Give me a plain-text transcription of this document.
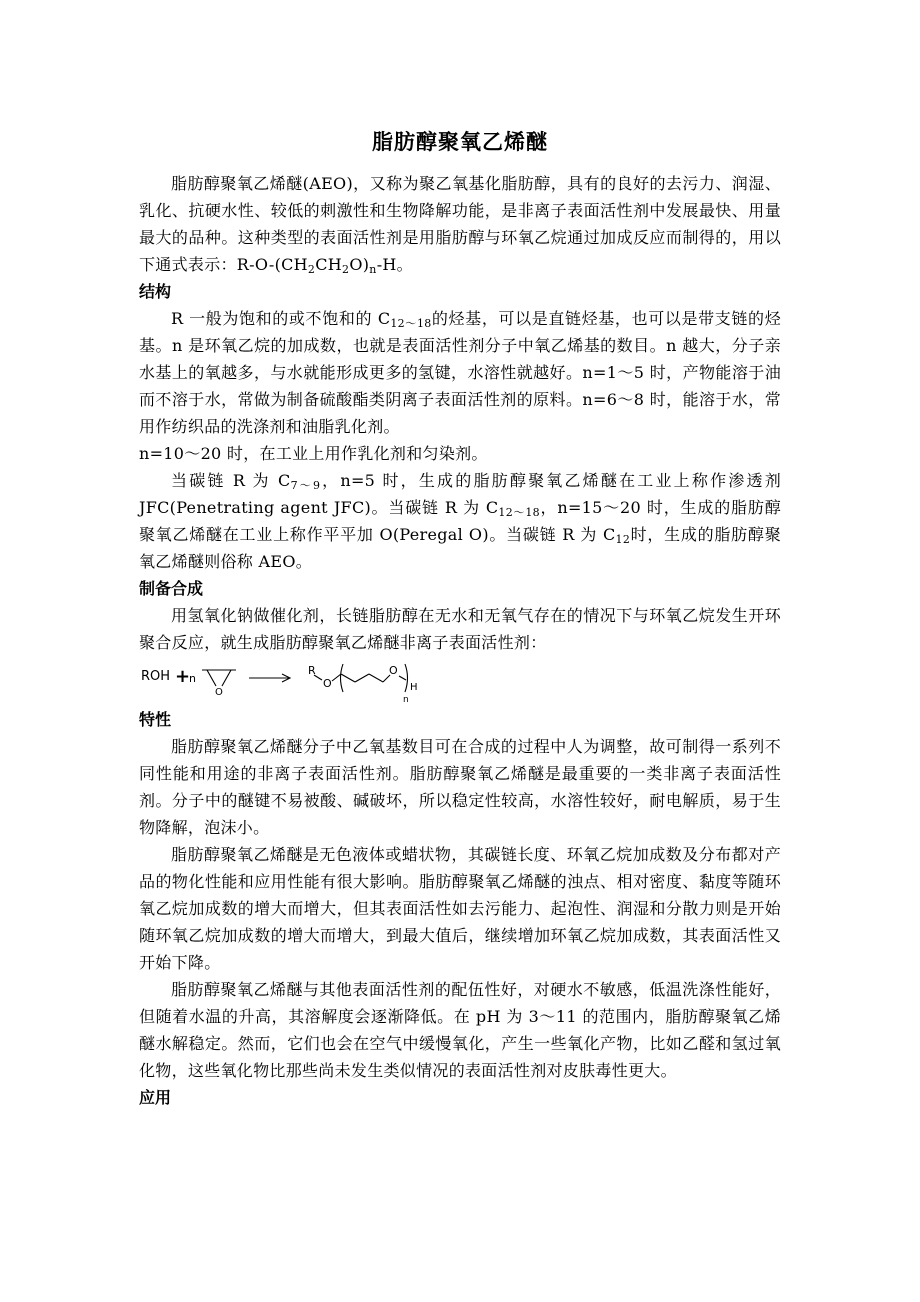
脂肪醇聚氧乙烯醚

脂肪醇聚氧乙烯醚(AEO)，又称为聚乙氧基化脂肪醇，具有的良好的去污力、润湿、乳化、抗硬水性、较低的刺激性和生物降解功能，是非离子表面活性剂中发展最快、用量最大的品种。这种类型的表面活性剂是用脂肪醇与环氧乙烷通过加成反应而制得的，用以下通式表示：$R-O-(CH_2CH_2O)_n-H$。

结构

R 一般为饱和的或不饱和的 $C_{12\sim 18}$的烃基，可以是直链烃基，也可以是带支链的烃基。n 是环氧乙烷的加成数，也就是表面活性剂分子中氧乙烯基的数目。n 越大，分子亲水基上的氧越多，与水就能形成更多的氢键，水溶性就越好。n=1～5 时，产物能溶于油而不溶于水，常做为制备硫酸酯类阴离子表面活性剂的原料。n=6～8 时，能溶于水，常用作纺织品的洗涤剂和油脂乳化剂。

n=10～20 时，在工业上用作乳化剂和匀染剂。

当碳链 R 为 $C_{7\sim 9}$，n=5 时，生成的脂肪醇聚氧乙烯醚在工业上称作渗透剂 JFC(Penetrating agent JFC)。当碳链 R 为 $C_{12\sim 18}$，n=15～20 时，生成的脂肪醇聚氧乙烯醚在工业上称作平平加 O(Peregal O)。当碳链 R 为 $C_{12}$时，生成的脂肪醇聚氧乙烯醚则俗称 AEO。

制备合成

用氢氧化钠做催化剂，长链脂肪醇在无水和无氧气存在的情况下与环氧乙烷发生开环聚合反应，就生成脂肪醇聚氧乙烯醚非离子表面活性剂：

ROH +
n
O
R
O
O
H
n
特性

脂肪醇聚氧乙烯醚分子中乙氧基数目可在合成的过程中人为调整，故可制得一系列不同性能和用途的非离子表面活性剂。脂肪醇聚氧乙烯醚是最重要的一类非离子表面活性剂。分子中的醚键不易被酸、碱破坏，所以稳定性较高，水溶性较好，耐电解质，易于生物降解，泡沫小。

脂肪醇聚氧乙烯醚是无色液体或蜡状物，其碳链长度、环氧乙烷加成数及分布都对产品的物化性能和应用性能有很大影响。脂肪醇聚氧乙烯醚的浊点、相对密度、黏度等随环氧乙烷加成数的增大而增大，但其表面活性如去污能力、起泡性、润湿和分散力则是开始随环氧乙烷加成数的增大而增大，到最大值后，继续增加环氧乙烷加成数，其表面活性又开始下降。

脂肪醇聚氧乙烯醚与其他表面活性剂的配伍性好，对硬水不敏感，低温洗涤性能好，但随着水温的升高，其溶解度会逐渐降低。在 pH 为 3～11 的范围内，脂肪醇聚氧乙烯醚水解稳定。然而，它们也会在空气中缓慢氧化，产生一些氧化产物，比如乙醛和氢过氧化物，这些氧化物比那些尚未发生类似情况的表面活性剂对皮肤毒性更大。

应用
